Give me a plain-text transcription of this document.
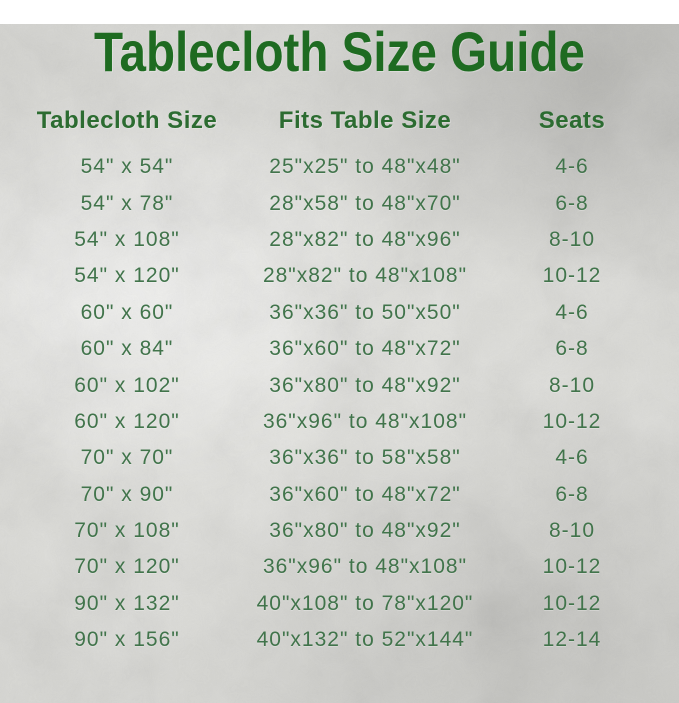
Tablecloth Size Guide
Tablecloth Size	Fits Table Size	Seats
54" x 54"	25"x25" to 48"x48"	4-6
54" x 78"	28"x58" to 48"x70"	6-8
54" x 108"	28"x82" to 48"x96"	8-10
54" x 120"	28"x82" to 48"x108"	10-12
60" x 60"	36"x36" to 50"x50"	4-6
60" x 84"	36"x60" to 48"x72"	6-8
60" x 102"	36"x80" to 48"x92"	8-10
60" x 120"	36"x96" to 48"x108"	10-12
70" x 70"	36"x36" to 58"x58"	4-6
70" x 90"	36"x60" to 48"x72"	6-8
70" x 108"	36"x80" to 48"x92"	8-10
70" x 120"	36"x96" to 48"x108"	10-12
90" x 132"	40"x108" to 78"x120"	10-12
90" x 156"	40"x132" to 52"x144"	12-14
